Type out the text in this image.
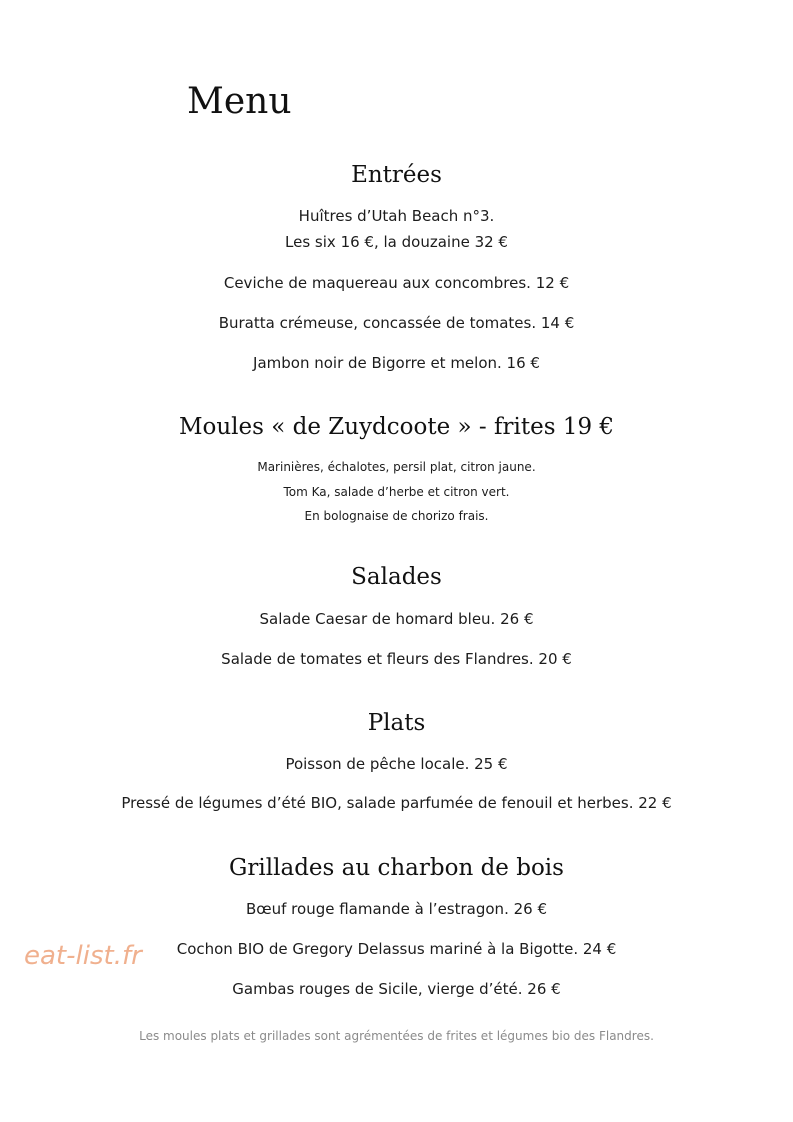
Menu
Entrées
Huîtres d’Utah Beach n°3.
Les six 16 €, la douzaine 32 €
Ceviche de maquereau aux concombres. 12 €
Buratta crémeuse, concassée de tomates. 14 €
Jambon noir de Bigorre et melon. 16 €
Moules « de Zuydcoote » - frites 19 €
Marinières, échalotes, persil plat, citron jaune.
Tom Ka, salade d’herbe et citron vert.
En bolognaise de chorizo frais.
Salades
Salade Caesar de homard bleu. 26 €
Salade de tomates et fleurs des Flandres. 20 €
Plats
Poisson de pêche locale. 25 €
Pressé de légumes d’été BIO, salade parfumée de fenouil et herbes. 22 €
Grillades au charbon de bois
Bœuf rouge flamande à l’estragon. 26 €
Cochon BIO de Gregory Delassus mariné à la Bigotte. 24 €
Gambas rouges de Sicile, vierge d’été. 26 €
Les moules plats et grillades sont agrémentées de frites et légumes bio des Flandres.
eat-list.fr
